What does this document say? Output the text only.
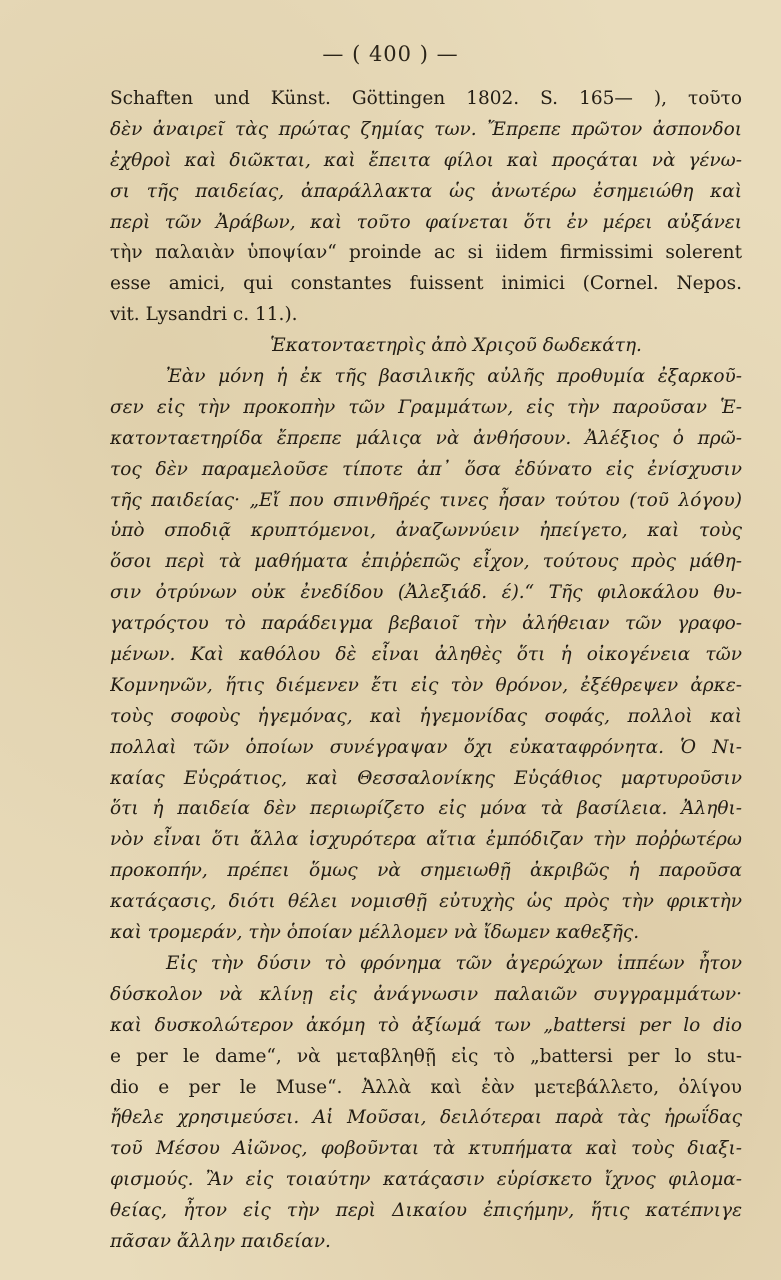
— ( 400 ) —
Schaften und Künst. Göttingen 1802. S. 165— ), τοῦτο
δὲν ἀναιρεῖ τὰς πρώτας ζημίας των. Ἔπρεπε πρῶτον ἀσπονδοι
ἐχθροὶ καὶ διῶκται, καὶ ἔπειτα φίλοι καὶ προςάται νὰ γένω-
σι τῆς παιδείας, ἀπαράλλακτα ὡς ἀνωτέρω ἐσημειώθη καὶ
περὶ τῶν Ἀράβων, καὶ τοῦτο φαίνεται ὅτι ἐν μέρει αὐξάνει
τὴν παλαιὰν ὑποψίαν“ proinde ac si iidem firmissimi solerent
esse amici, qui constantes fuissent inimici (Cornel. Nepos.
vit. Lysandri c. 11.).
Ἑκατονταετηρὶς ἀπὸ Χριςοῦ δωδεκάτη.
Ἐὰν μόνη ἡ ἐκ τῆς βασιλικῆς αὐλῆς προθυμία ἐξαρκοῦ-
σεν εἰς τὴν προκοπὴν τῶν Γραμμάτων, εἰς τὴν παροῦσαν Ἑ-
κατονταετηρίδα ἔπρεπε μάλιςα νὰ ἀνθήσουν. Ἀλέξιος ὁ πρῶ-
τος δὲν παραμελοῦσε τίποτε ἀπ᾽ ὅσα ἐδύνατο εἰς ἐνίσχυσιν
τῆς παιδείας· „Εἴ που σπινθῆρές τινες ἦσαν τούτου (τοῦ λόγου)
ὑπὸ σποδιᾷ κρυπτόμενοι, ἀναζωννύειν ἠπείγετο, καὶ τοὺς
ὅσοι περὶ τὰ μαθήματα ἐπιῤῥεπῶς εἶχον, τούτους πρὸς μάθη-
σιν ὀτρύνων οὐκ ἐνεδίδου (Ἀλεξιάδ. έ).“ Τῆς φιλοκάλου θυ-
γατρόςτου τὸ παράδειγμα βεβαιοῖ τὴν ἀλήθειαν τῶν γραφο-
μένων. Καὶ καθόλου δὲ εἶναι ἀληθὲς ὅτι ἡ οἰκογένεια τῶν
Κομνηνῶν, ἥτις διέμενεν ἔτι εἰς τὸν θρόνον, ἐξέθρεψεν ἀρκε-
τοὺς σοφοὺς ἡγεμόνας, καὶ ἡγεμονίδας σοφάς, πολλοὶ καὶ
πολλαὶ τῶν ὁποίων συνέγραψαν ὄχι εὐκαταφρόνητα. Ὁ Νι-
καίας Εὐςράτιος, καὶ Θεσσαλονίκης Εὐςάθιος μαρτυροῦσιν
ὅτι ἡ παιδεία δὲν περιωρίζετο εἰς μόνα τὰ βασίλεια. Ἀληθι-
νὸν εἶναι ὅτι ἄλλα ἰσχυρότερα αἴτια ἐμπόδιζαν τὴν ποῤῥωτέρω
προκοπήν, πρέπει ὅμως νὰ σημειωθῇ ἀκριβῶς ἡ παροῦσα
κατάςασις, διότι θέλει νομισθῇ εὐτυχὴς ὡς πρὸς τὴν φρικτὴν
καὶ τρομεράν, τὴν ὁποίαν μέλλομεν νὰ ἴδωμεν καθεξῆς.
Εἰς τὴν δύσιν τὸ φρόνημα τῶν ἀγερώχων ἱππέων ἦτον
δύσκολον νὰ κλίνῃ εἰς ἀνάγνωσιν παλαιῶν συγγραμμάτων·
καὶ δυσκολώτερον ἀκόμη τὸ ἀξίωμά των „battersi per lo dio
e per le dame“, νὰ μεταβληθῇ εἰς τὸ „battersi per lo stu-
dio e per le Muse“. Ἀλλὰ καὶ ἐὰν μετεβάλλετο, ὀλίγου
ἤθελε χρησιμεύσει. Αἱ Μοῦσαι, δειλότεραι παρὰ τὰς ἡρωΐδας
τοῦ Μέσου Αἰῶνος, φοβοῦνται τὰ κτυπήματα καὶ τοὺς διαξι-
φισμούς. Ἂν εἰς τοιαύτην κατάςασιν εὑρίσκετο ἴχνος φιλομα-
θείας, ἦτον εἰς τὴν περὶ Δικαίου ἐπιςήμην, ἥτις κατέπνιγε
πᾶσαν ἄλλην παιδείαν.
